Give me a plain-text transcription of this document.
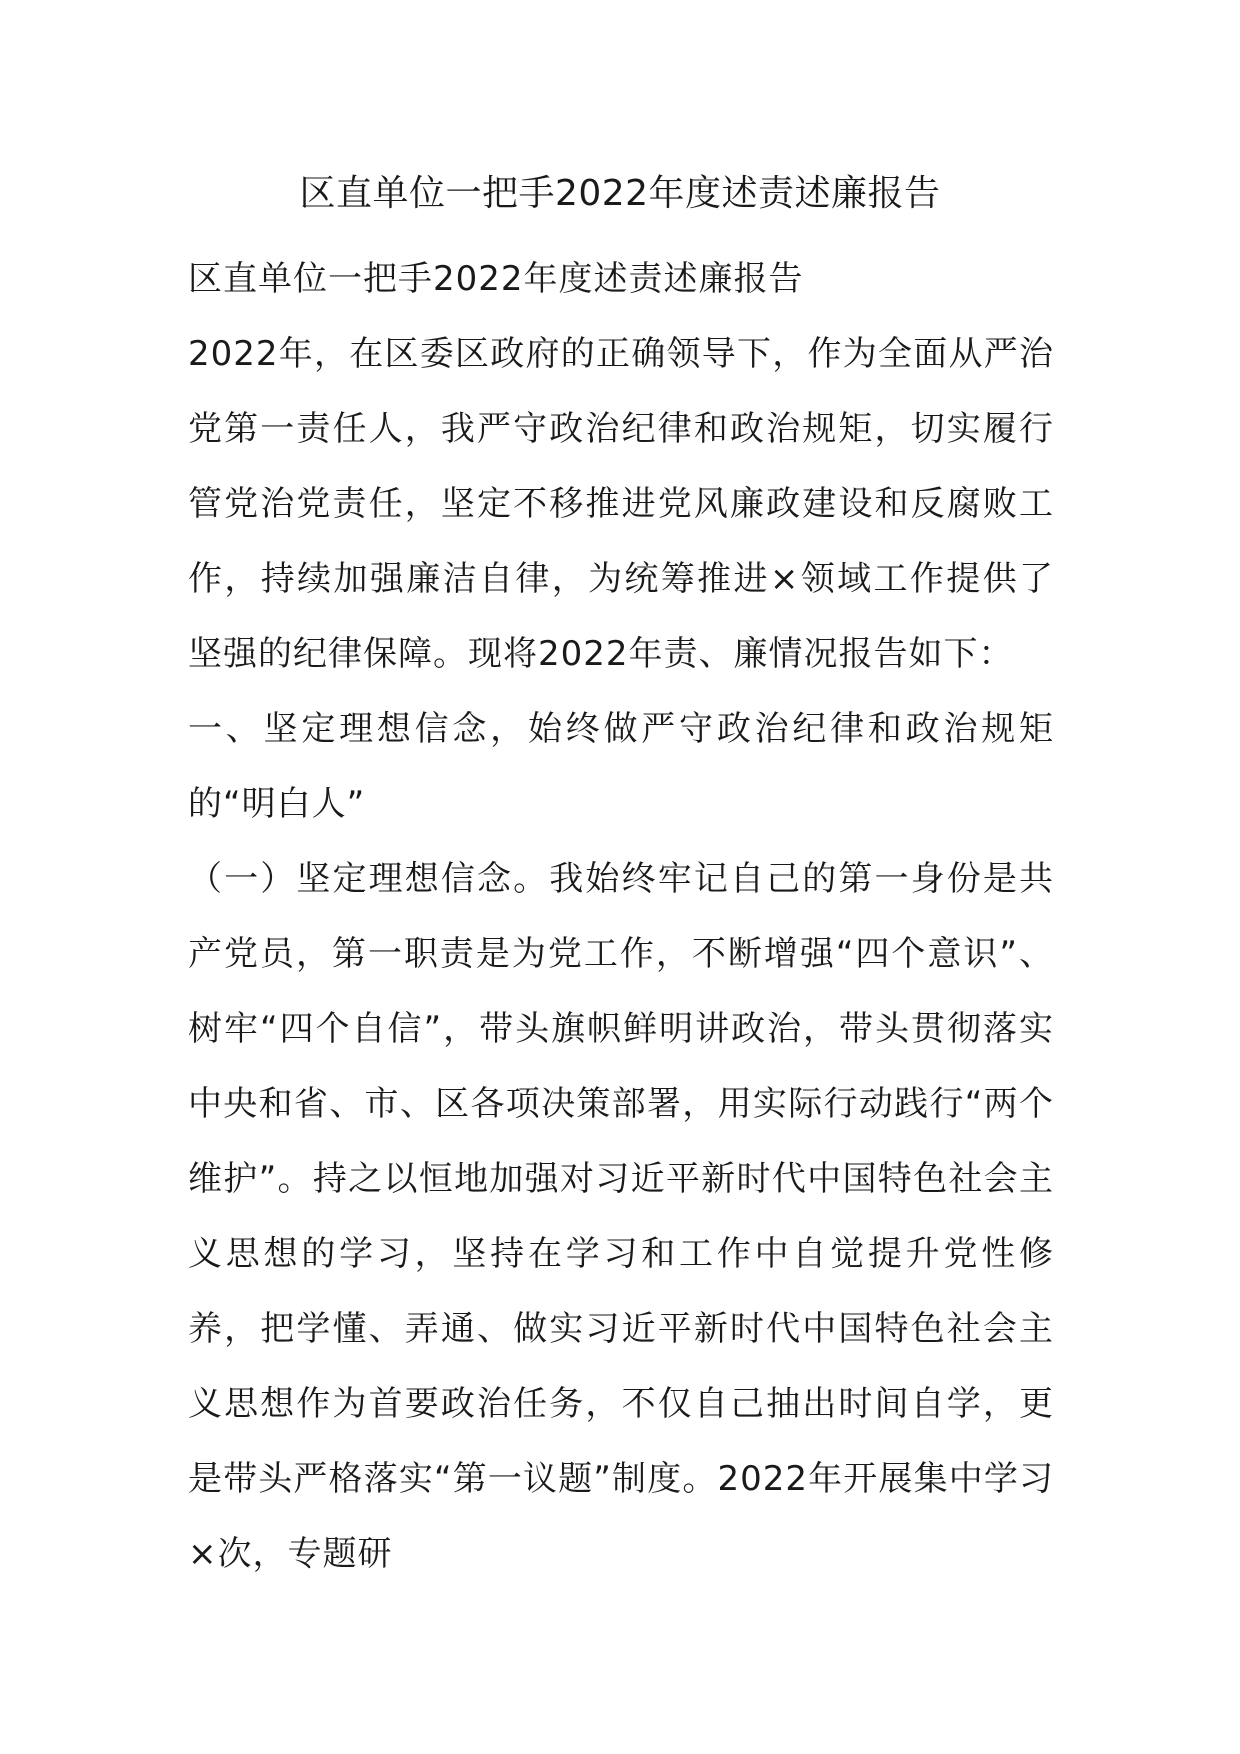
区直单位一把手2022年度述责述廉报告

区直单位一把手2022年度述责述廉报告

2022年，在区委区政府的正确领导下，作为全面从严治党第一责任人，我严守政治纪律和政治规矩，切实履行管党治党责任，坚定不移推进党风廉政建设和反腐败工作，持续加强廉洁自律，为统筹推进×领域工作提供了坚强的纪律保障。现将2022年责、廉情况报告如下：

一、坚定理想信念，始终做严守政治纪律和政治规矩的“明白人”

（一）坚定理想信念。我始终牢记自己的第一身份是共产党员，第一职责是为党工作，不断增强“四个意识”、树牢“四个自信”，带头旗帜鲜明讲政治，带头贯彻落实中央和省、市、区各项决策部署，用实际行动践行“两个维护”。持之以恒地加强对习近平新时代中国特色社会主义思想的学习，坚持在学习和工作中自觉提升党性修养，把学懂、弄通、做实习近平新时代中国特色社会主义思想作为首要政治任务，不仅自己抽出时间自学，更是带头严格落实“第一议题”制度。2022年开展集中学习×次，专题研
